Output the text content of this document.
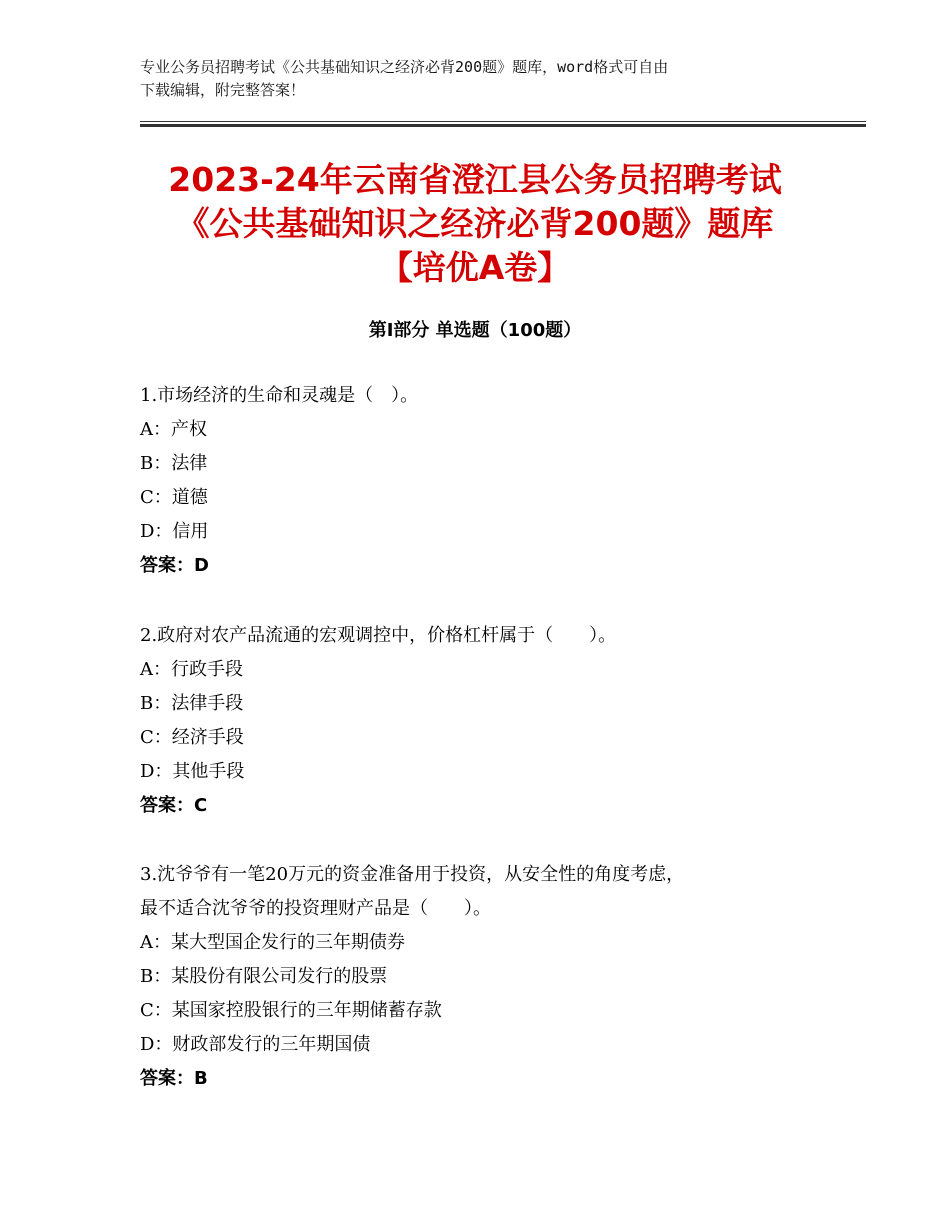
专业公务员招聘考试《公共基础知识之经济必背200题》题库，word格式可自由
下载编辑，附完整答案！
2023-24年云南省澄江县公务员招聘考试
《公共基础知识之经济必背200题》题库
【培优A卷】
第Ⅰ部分 单选题（100题）
1.市场经济的生命和灵魂是（　）。
A：产权
B：法律
C：道德
D：信用
答案：D
2.政府对农产品流通的宏观调控中，价格杠杆属于（　　）。
A：行政手段
B：法律手段
C：经济手段
D：其他手段
答案：C
3.沈爷爷有一笔20万元的资金准备用于投资，从安全性的角度考虑，
最不适合沈爷爷的投资理财产品是（　　）。
A：某大型国企发行的三年期债券
B：某股份有限公司发行的股票
C：某国家控股银行的三年期储蓄存款
D：财政部发行的三年期国债
答案：B
